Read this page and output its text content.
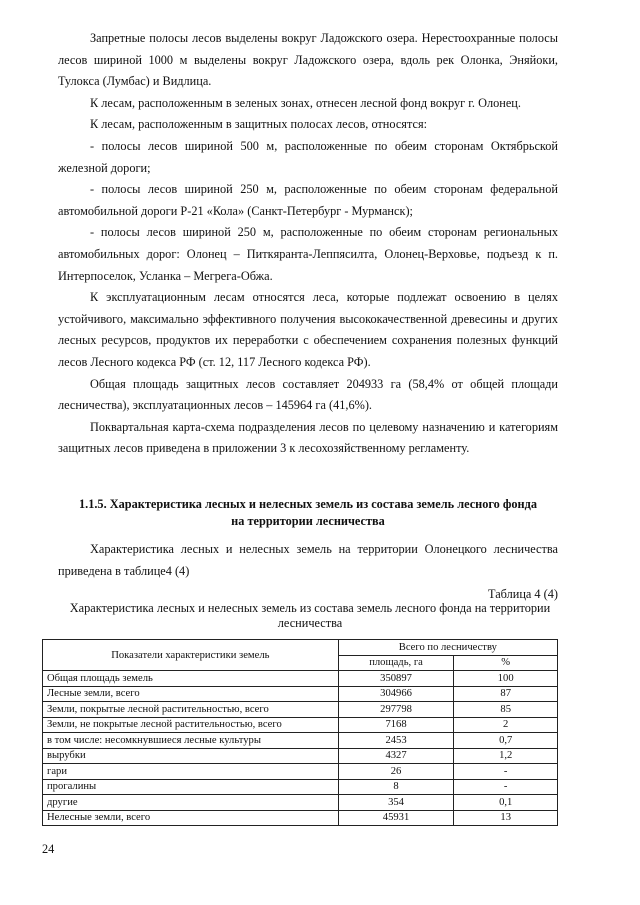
Запретные полосы лесов выделены вокруг Ладожского озера. Нерестоохранные полосы лесов шириной 1000 м выделены вокруг Ладожского озера, вдоль рек Олонка, Эняйоки, Тулокса (Лумбас) и Видлица.

К лесам, расположенным в зеленых зонах, отнесен лесной фонд вокруг г. Олонец.

К лесам, расположенным в защитных полосах лесов, относятся:

- полосы лесов шириной 500 м, расположенные по обеим сторонам Октябрьской железной дороги;

- полосы лесов шириной 250 м, расположенные по обеим сторонам федеральной автомобильной дороги Р-21 «Кола» (Санкт-Петербург - Мурманск);

- полосы лесов шириной 250 м, расположенные по обеим сторонам региональных автомобильных дорог: Олонец – Питкяранта-Леппясилта, Олонец-Верховье, подъезд к п. Интерпоселок, Усланка – Мегрега-Обжа.

К эксплуатационным лесам относятся леса, которые подлежат освоению в целях устойчивого, максимально эффективного получения высококачественной древесины и других лесных ресурсов, продуктов их переработки с обеспечением сохранения полезных функций лесов Лесного кодекса РФ (ст. 12, 117 Лесного кодекса РФ).

Общая площадь защитных лесов составляет 204933 га (58,4% от общей площади лесничества), эксплуатационных лесов – 145964 га (41,6%).

Поквартальная карта-схема подразделения лесов по целевому назначению и категориям защитных лесов приведена в приложении 3 к лесохозяйственному регламенту.

1.1.5. Характеристика лесных и нелесных земель из состава земель лесного фонда
на территории лесничества

Характеристика лесных и нелесных земель на территории Олонецкого лесничества приведена в таблице4 (4)

Таблица 4 (4)
Характеристика лесных и нелесных земель из состава земель лесного фонда на территории лесничества
Показатели характеристики земель	Всего по лесничеству	
	площадь, га	%
Общая площадь земель	350897	100
Лесные земли, всего	304966	87
Земли, покрытые лесной растительностью, всего	297798	85
Земли, не покрытые лесной растительностью, всего	7168	2
в том числе: несомкнувшиеся лесные культуры	2453	0,7
вырубки	4327	1,2
гари	26	-
прогалины	8	-
другие	354	0,1
Нелесные земли, всего	45931	13
24
